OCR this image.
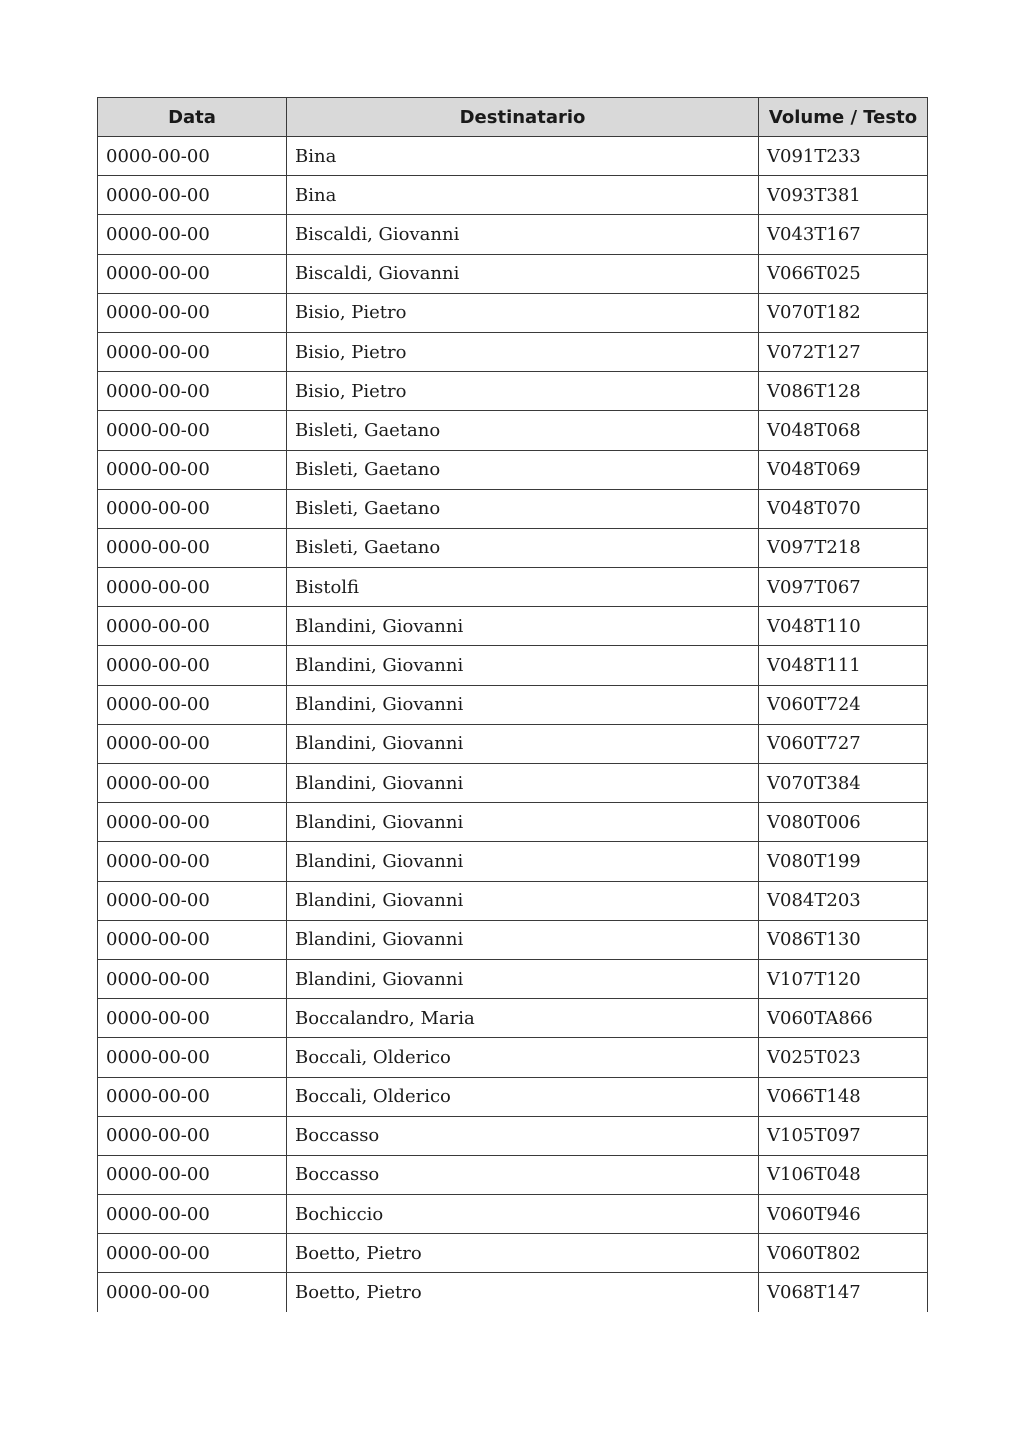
Data	Destinatario	Volume / Testo
0000-00-00	Bina	V091T233
0000-00-00	Bina	V093T381
0000-00-00	Biscaldi, Giovanni	V043T167
0000-00-00	Biscaldi, Giovanni	V066T025
0000-00-00	Bisio, Pietro	V070T182
0000-00-00	Bisio, Pietro	V072T127
0000-00-00	Bisio, Pietro	V086T128
0000-00-00	Bisleti, Gaetano	V048T068
0000-00-00	Bisleti, Gaetano	V048T069
0000-00-00	Bisleti, Gaetano	V048T070
0000-00-00	Bisleti, Gaetano	V097T218
0000-00-00	Bistolfi	V097T067
0000-00-00	Blandini, Giovanni	V048T110
0000-00-00	Blandini, Giovanni	V048T111
0000-00-00	Blandini, Giovanni	V060T724
0000-00-00	Blandini, Giovanni	V060T727
0000-00-00	Blandini, Giovanni	V070T384
0000-00-00	Blandini, Giovanni	V080T006
0000-00-00	Blandini, Giovanni	V080T199
0000-00-00	Blandini, Giovanni	V084T203
0000-00-00	Blandini, Giovanni	V086T130
0000-00-00	Blandini, Giovanni	V107T120
0000-00-00	Boccalandro, Maria	V060TA866
0000-00-00	Boccali, Olderico	V025T023
0000-00-00	Boccali, Olderico	V066T148
0000-00-00	Boccasso	V105T097
0000-00-00	Boccasso	V106T048
0000-00-00	Bochiccio	V060T946
0000-00-00	Boetto, Pietro	V060T802
0000-00-00	Boetto, Pietro	V068T147
